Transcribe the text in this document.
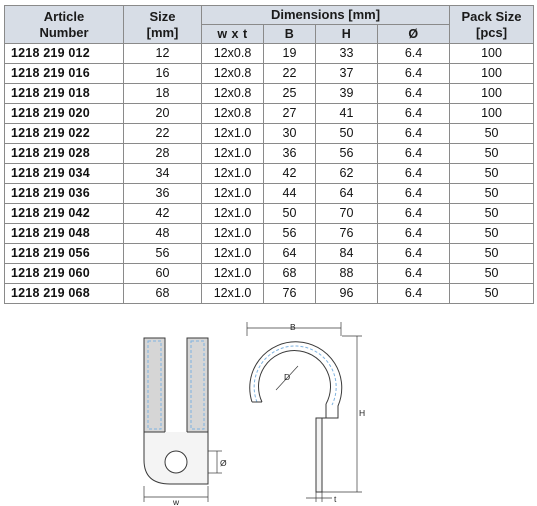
Article
Number	Size
[mm]	Dimensions [mm]				Pack Size
[pcs]

		w x t	B	H	Ø	
1218 219 012	12	12x0.8	19	33	6.4	100
1218 219 016	16	12x0.8	22	37	6.4	100
1218 219 018	18	12x0.8	25	39	6.4	100
1218 219 020	20	12x0.8	27	41	6.4	100
1218 219 022	22	12x1.0	30	50	6.4	50
1218 219 028	28	12x1.0	36	56	6.4	50
1218 219 034	34	12x1.0	42	62	6.4	50
1218 219 036	36	12x1.0	44	64	6.4	50
1218 219 042	42	12x1.0	50	70	6.4	50
1218 219 048	48	12x1.0	56	76	6.4	50
1218 219 056	56	12x1.0	64	84	6.4	50
1218 219 060	60	12x1.0	68	88	6.4	50
1218 219 068	68	12x1.0	76	96	6.4	50
Ø
w
B
D
H
t
